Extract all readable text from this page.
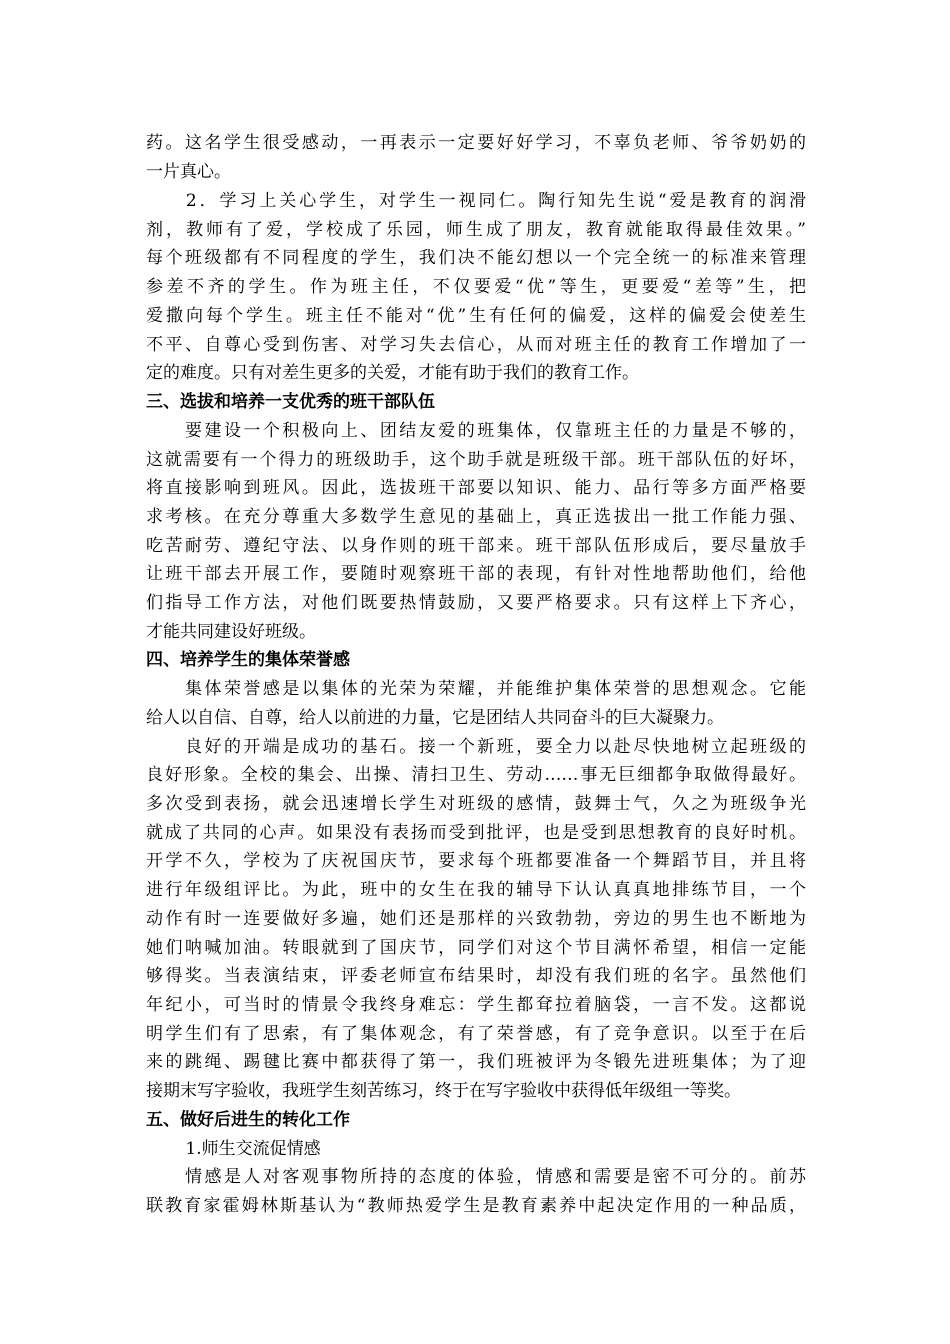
药。这名学生很受感动，一再表示一定要好好学习，不辜负老师、爷爷奶奶的
一片真心。
　　2．学习上关心学生，对学生一视同仁。陶行知先生说“爱是教育的润滑
剂，教师有了爱，学校成了乐园，师生成了朋友，教育就能取得最佳效果。”
每个班级都有不同程度的学生，我们决不能幻想以一个完全统一的标准来管理
参差不齐的学生。作为班主任，不仅要爱“优”等生，更要爱“差等”生，把
爱撒向每个学生。班主任不能对“优”生有任何的偏爱，这样的偏爱会使差生
不平、自尊心受到伤害、对学习失去信心，从而对班主任的教育工作增加了一
定的难度。只有对差生更多的关爱，才能有助于我们的教育工作。
三、选拔和培养一支优秀的班干部队伍
　　要建设一个积极向上、团结友爱的班集体，仅靠班主任的力量是不够的，
这就需要有一个得力的班级助手，这个助手就是班级干部。班干部队伍的好坏，
将直接影响到班风。因此，选拔班干部要以知识、能力、品行等多方面严格要
求考核。在充分尊重大多数学生意见的基础上，真正选拔出一批工作能力强、
吃苦耐劳、遵纪守法、以身作则的班干部来。班干部队伍形成后，要尽量放手
让班干部去开展工作，要随时观察班干部的表现，有针对性地帮助他们，给他
们指导工作方法，对他们既要热情鼓励，又要严格要求。只有这样上下齐心，
才能共同建设好班级。
四、培养学生的集体荣誉感
　　集体荣誉感是以集体的光荣为荣耀，并能维护集体荣誉的思想观念。它能
给人以自信、自尊，给人以前进的力量，它是团结人共同奋斗的巨大凝聚力。
　　良好的开端是成功的基石。接一个新班，要全力以赴尽快地树立起班级的
良好形象。全校的集会、出操、清扫卫生、劳动……事无巨细都争取做得最好。
多次受到表扬，就会迅速增长学生对班级的感情，鼓舞士气，久之为班级争光
就成了共同的心声。如果没有表扬而受到批评，也是受到思想教育的良好时机。
开学不久，学校为了庆祝国庆节，要求每个班都要准备一个舞蹈节目，并且将
进行年级组评比。为此，班中的女生在我的辅导下认认真真地排练节目，一个
动作有时一连要做好多遍，她们还是那样的兴致勃勃，旁边的男生也不断地为
她们呐喊加油。转眼就到了国庆节，同学们对这个节目满怀希望，相信一定能
够得奖。当表演结束，评委老师宣布结果时，却没有我们班的名字。虽然他们
年纪小，可当时的情景令我终身难忘：学生都耷拉着脑袋，一言不发。这都说
明学生们有了思索，有了集体观念，有了荣誉感，有了竞争意识。以至于在后
来的跳绳、踢毽比赛中都获得了第一，我们班被评为冬锻先进班集体；为了迎
接期末写字验收，我班学生刻苦练习，终于在写字验收中获得低年级组一等奖。
五、做好后进生的转化工作
　　 1.师生交流促情感
　　情感是人对客观事物所持的态度的体验，情感和需要是密不可分的。前苏
联教育家霍姆林斯基认为“教师热爱学生是教育素养中起决定作用的一种品质，
